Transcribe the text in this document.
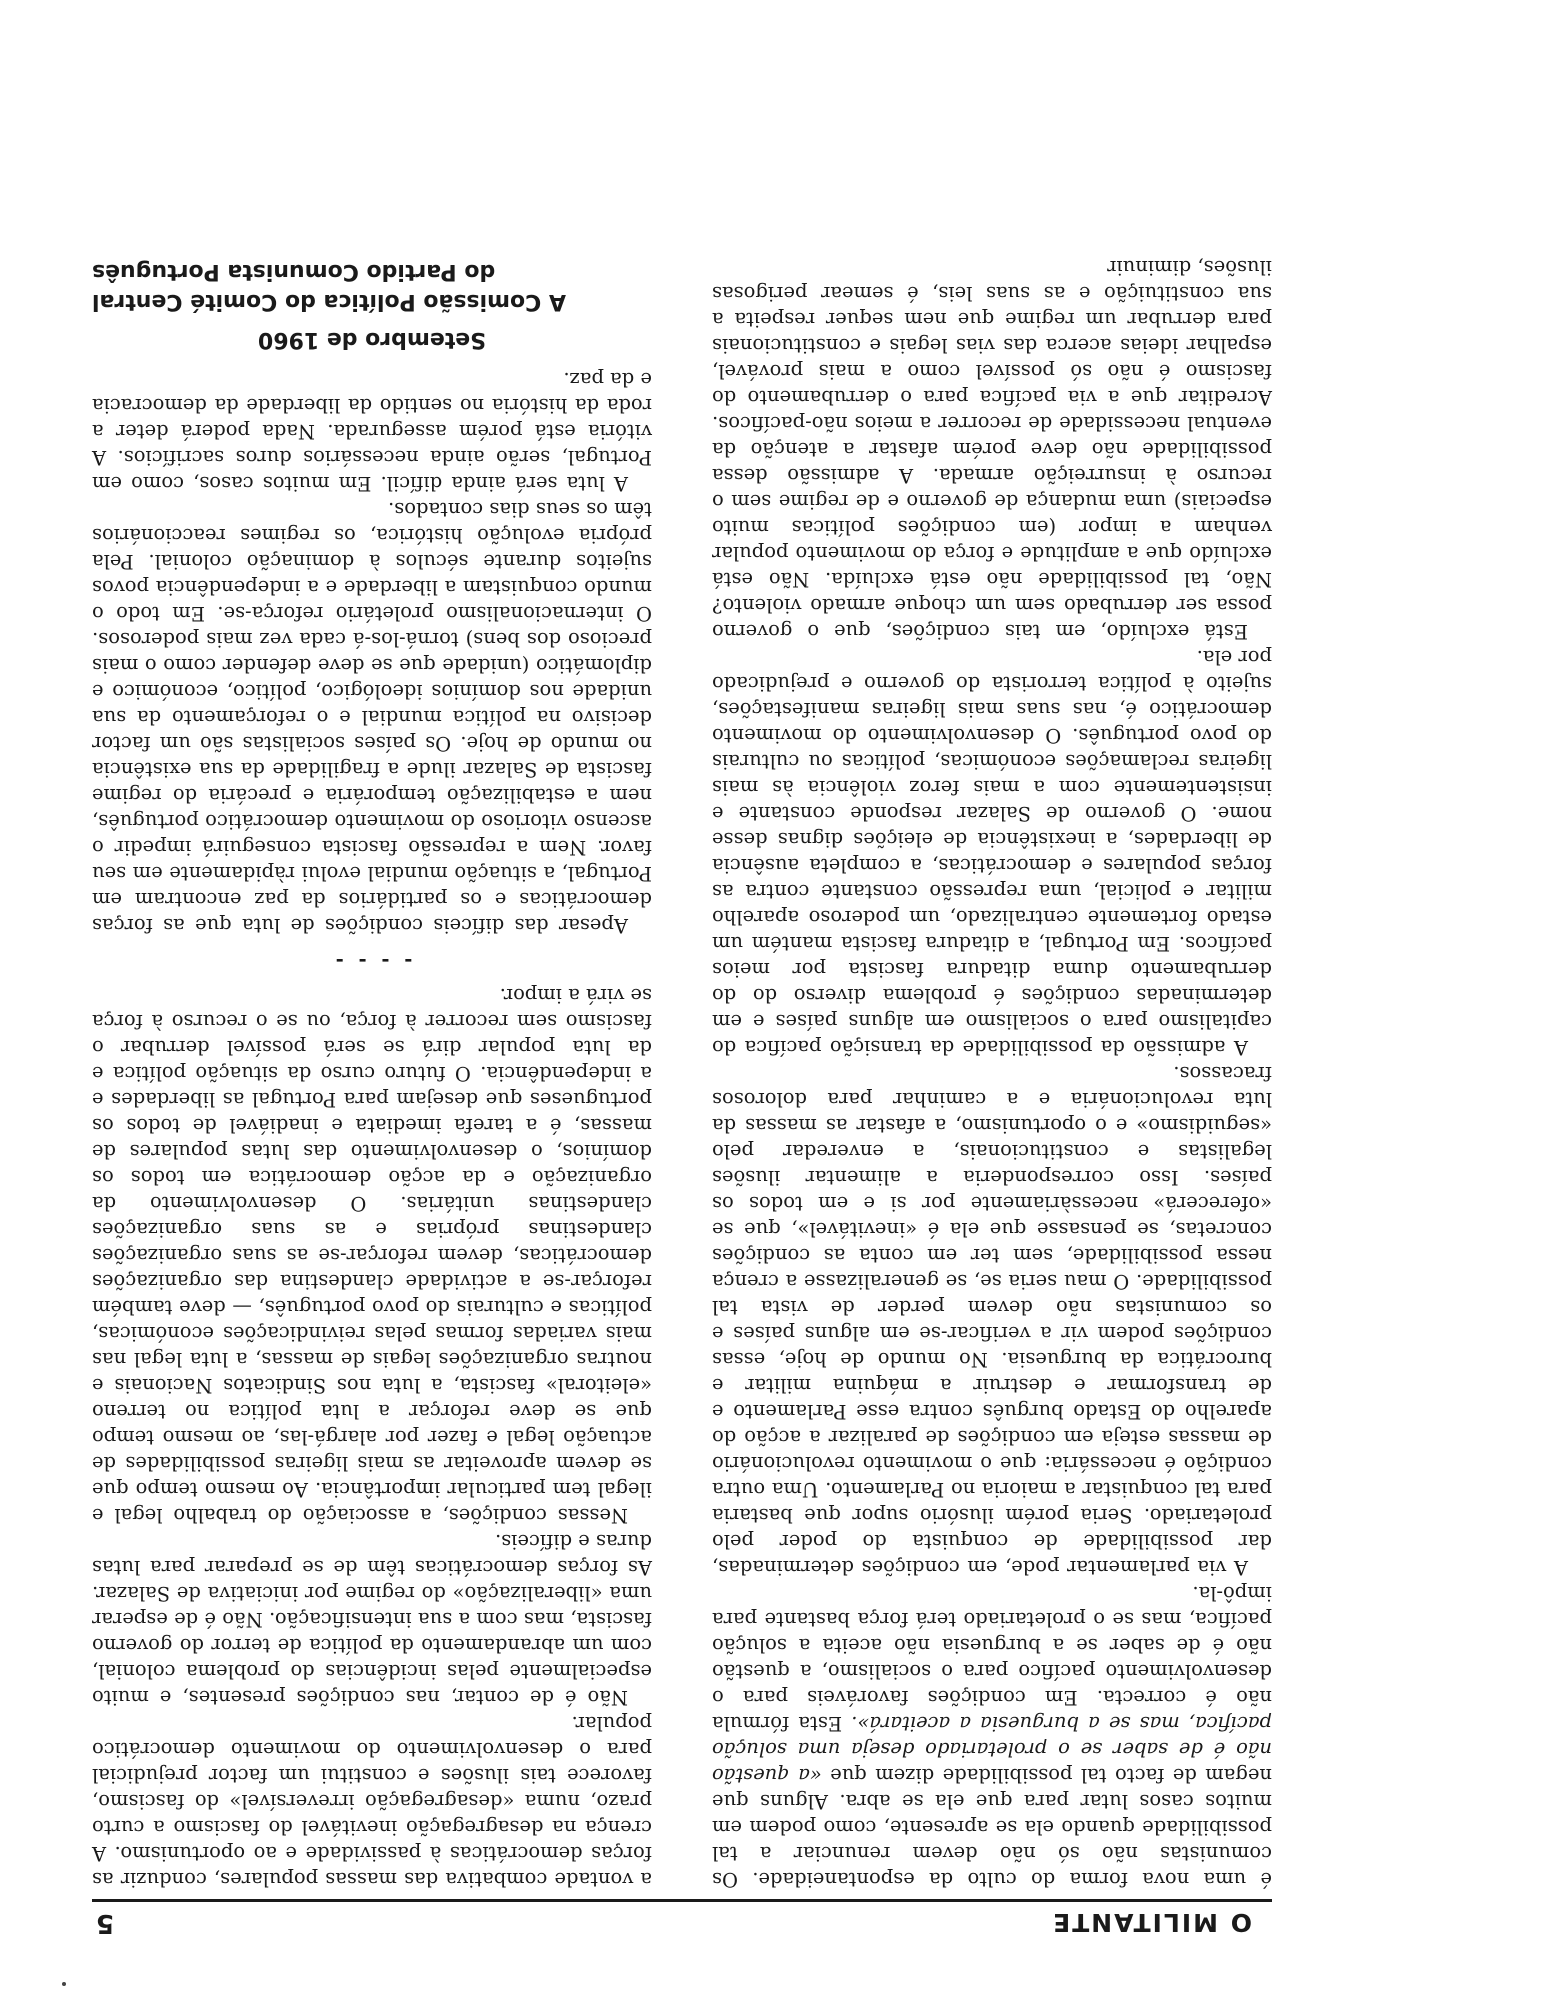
O MILITANTE
5

é uma nova forma do culto da espontaneidade. Os comunistas não só não devem renunciar a tal possibilidade quando ela se apresente, como podem em muitos casos lutar para que ela se abra. Alguns que negam de facto tal possibilidade dizem que «a questão não é de saber se o proletariado deseja uma solução pacífica, mas se a burguesia a aceitará». Esta fórmula não é correcta. Em condições favoráveis para o desenvolvimento pacífico para o socialismo, a questão não é de saber se a burguesia não aceita a solução pacífica, mas se o proletariado terá força bastante para impô-la.

A via parlamentar pode, em condições determinadas, dar possibilidade de conquista do poder pelo proletariado. Seria porém ilusório supor que bastaria para tal conquistar a maioria no Parlamento. Uma outra condição é necessária: que o movimento revolucionário de massas esteja em condições de paralizar a acção do aparelho do Estado burguês contra esse Parlamento e de transformar e destruir a máquina militar e burocrática da burguesia. No mundo de hoje, essas condições podem vir a verificar-se em alguns países e os comunistas não devem perder de vista tal possibilidade. O mau seria se, se generalizasse a crença nessa possibilidade, sem ter em conta as condições concretas, se pensasse que ela é «inevitável», que se «oferecerá» necessàriamente por si e em todos os países. Isso corresponderia a alimentar ilusões legalistas e constitucionais, a enveredar pelo «seguidismo» e o oportunismo, a afastar as massas da luta revolucionária e a caminhar para dolorosos fracassos.

A admissão da possibilidade da transição pacífica do capitalismo para o socialismo em alguns países e em determinadas condições é problema diverso do do derrubamento duma ditadura fascista por meios pacíficos. Em Portugal, a ditadura fascista mantém um estado fortemente centralizado, um poderoso aparelho militar e policial, uma repressão constante contra as forças populares e democráticas, a completa ausência de liberdades, a inexistência de eleições dignas desse nome. O governo de Salazar responde constante e insistentemente com a mais feroz violência às mais ligeiras reclamações económicas, políticas ou culturais do povo português. O desenvolvimento do movimento democrático é, nas suas mais ligeiras manifestações, sujeito à política terrorista do governo e prejudicado por ela.

Está excluído, em tais condições, que o governo possa ser derrubado sem um choque armado violento? Não, tal possibilidade não está excluída. Não está excluído que a amplitude e força do movimento popular venham a impor (em condições políticas muito especiais) uma mudança de governo e de regime sem o recurso à insurreição armada. A admissão dessa possibilidade não deve porém afastar a atenção da eventual necessidade de recorrer a meios não-pacíficos. Acreditar que a via pacífica para o derrubamento do fascismo é não só possível como a mais provável, espalhar ideias acerca das vias legais e constitucionais para derrubar um regime que nem sequer respeita a sua constituição e as suas leis, é semear perigosas ilusões, diminuir

a vontade combativa das massas populares, conduzir as forças democráticas à passividade e ao oportunismo. A crença na desagregação inevitável do fascismo a curto prazo, numa «desagregação irreversível» do fascismo, favorece tais ilusões e constitui um factor prejudicial para o desenvolvimento do movimento democrático popular.

Não é de contar, nas condições presentes, e muito especialmente pelas incidências do problema colonial, com um abrandamento da política de terror do governo fascista, mas com a sua intensificação. Não é de esperar uma «liberalização» do regime por iniciativa de Salazar. As forças democráticas têm de se preparar para lutas duras e difíceis.

Nessas condições, a associação do trabalho legal e ilegal tem particular importância. Ao mesmo tempo que se devem aproveitar as mais ligeiras possibilidades de actuação legal e fazer por alargá-las, ao mesmo tempo que se deve reforçar a luta política no terreno «eleitoral» fascista, a luta nos Sindicatos Nacionais e noutras organizações legais de massas, a luta legal nas mais variadas formas pelas reivindicações económicas, políticas e culturais do povo português, — deve também reforçar-se a actividade clandestina das organizações democráticas, devem reforçar-se as suas organizações clandestinas próprias e as suas organizações clandestinas unitárias. O desenvolvimento da organização e da acção democrática em todos os domínios, o desenvolvimento das lutas populares de massas, é a tarefa imediata e inadiável de todos os portugueses que desejam para Portugal as liberdades e a independência. O futuro curso da situação política e da luta popular dirá se será possível derrubar o fascismo sem recorrer à força, ou se o recurso à força se virá a impor.

- - - -

Apesar das difíceis condições de luta que as forças democráticas e os partidários da paz encontram em Portugal, a situação mundial evolui ràpidamente em seu favor. Nem a repressão fascista conseguirá impedir o ascenso vitorioso do movimento democrático português, nem a estabilização temporária e precária do regime fascista de Salazar ilude a fragilidade da sua existência no mundo de hoje. Os países socialistas são um factor decisivo na política mundial e o reforçamento da sua unidade nos domínios ideológico, político, económico e diplomático (unidade que se deve defender como o mais precioso dos bens) torná-los-á cada vez mais poderosos. O internacionalismo proletário reforça-se. Em todo o mundo conquistam a liberdade e a independência povos sujeitos durante séculos à dominação colonial. Pela própria evolução histórica, os regimes reaccionários têm os seus dias contados.

A luta será ainda difícil. Em muitos casos, como em Portugal, serão ainda necessários duros sacrifícios. A vitória está porém assegurada. Nada poderá deter a roda da história no sentido da liberdade da democracia e da paz.

Setembro de 1960
A Comissão Política do Comité Central
do Partido Comunista Português
